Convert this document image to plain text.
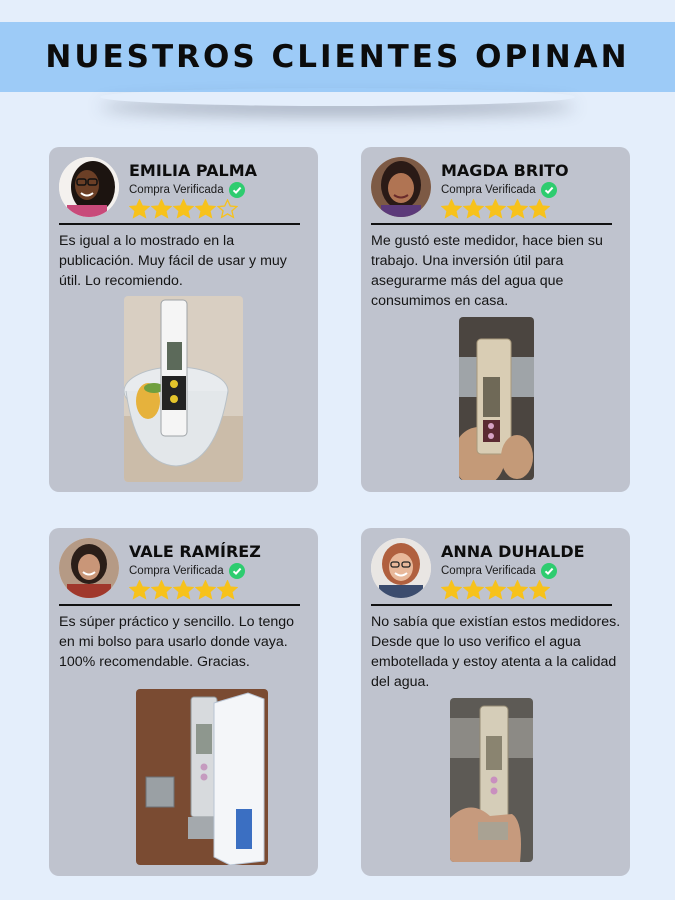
NUESTROS CLIENTES OPINAN
EMILIA PALMA
Compra Verificada
Es igual a lo mostrado en la publicación. Muy fácil de usar y muy útil. Lo recomiendo.
MAGDA BRITO
Compra Verificada
Me gustó este medidor, hace bien su trabajo. Una inversión útil para asegurarme más del agua que consumimos en casa.
VALE RAMÍREZ
Compra Verificada
Es súper práctico y sencillo. Lo tengo en mi bolso para usarlo donde vaya. 100% recomendable. Gracias.
ANNA DUHALDE
Compra Verificada
No sabía que existían estos medidores. Desde que lo uso verifico el agua embotellada y estoy atenta a la calidad del agua.
